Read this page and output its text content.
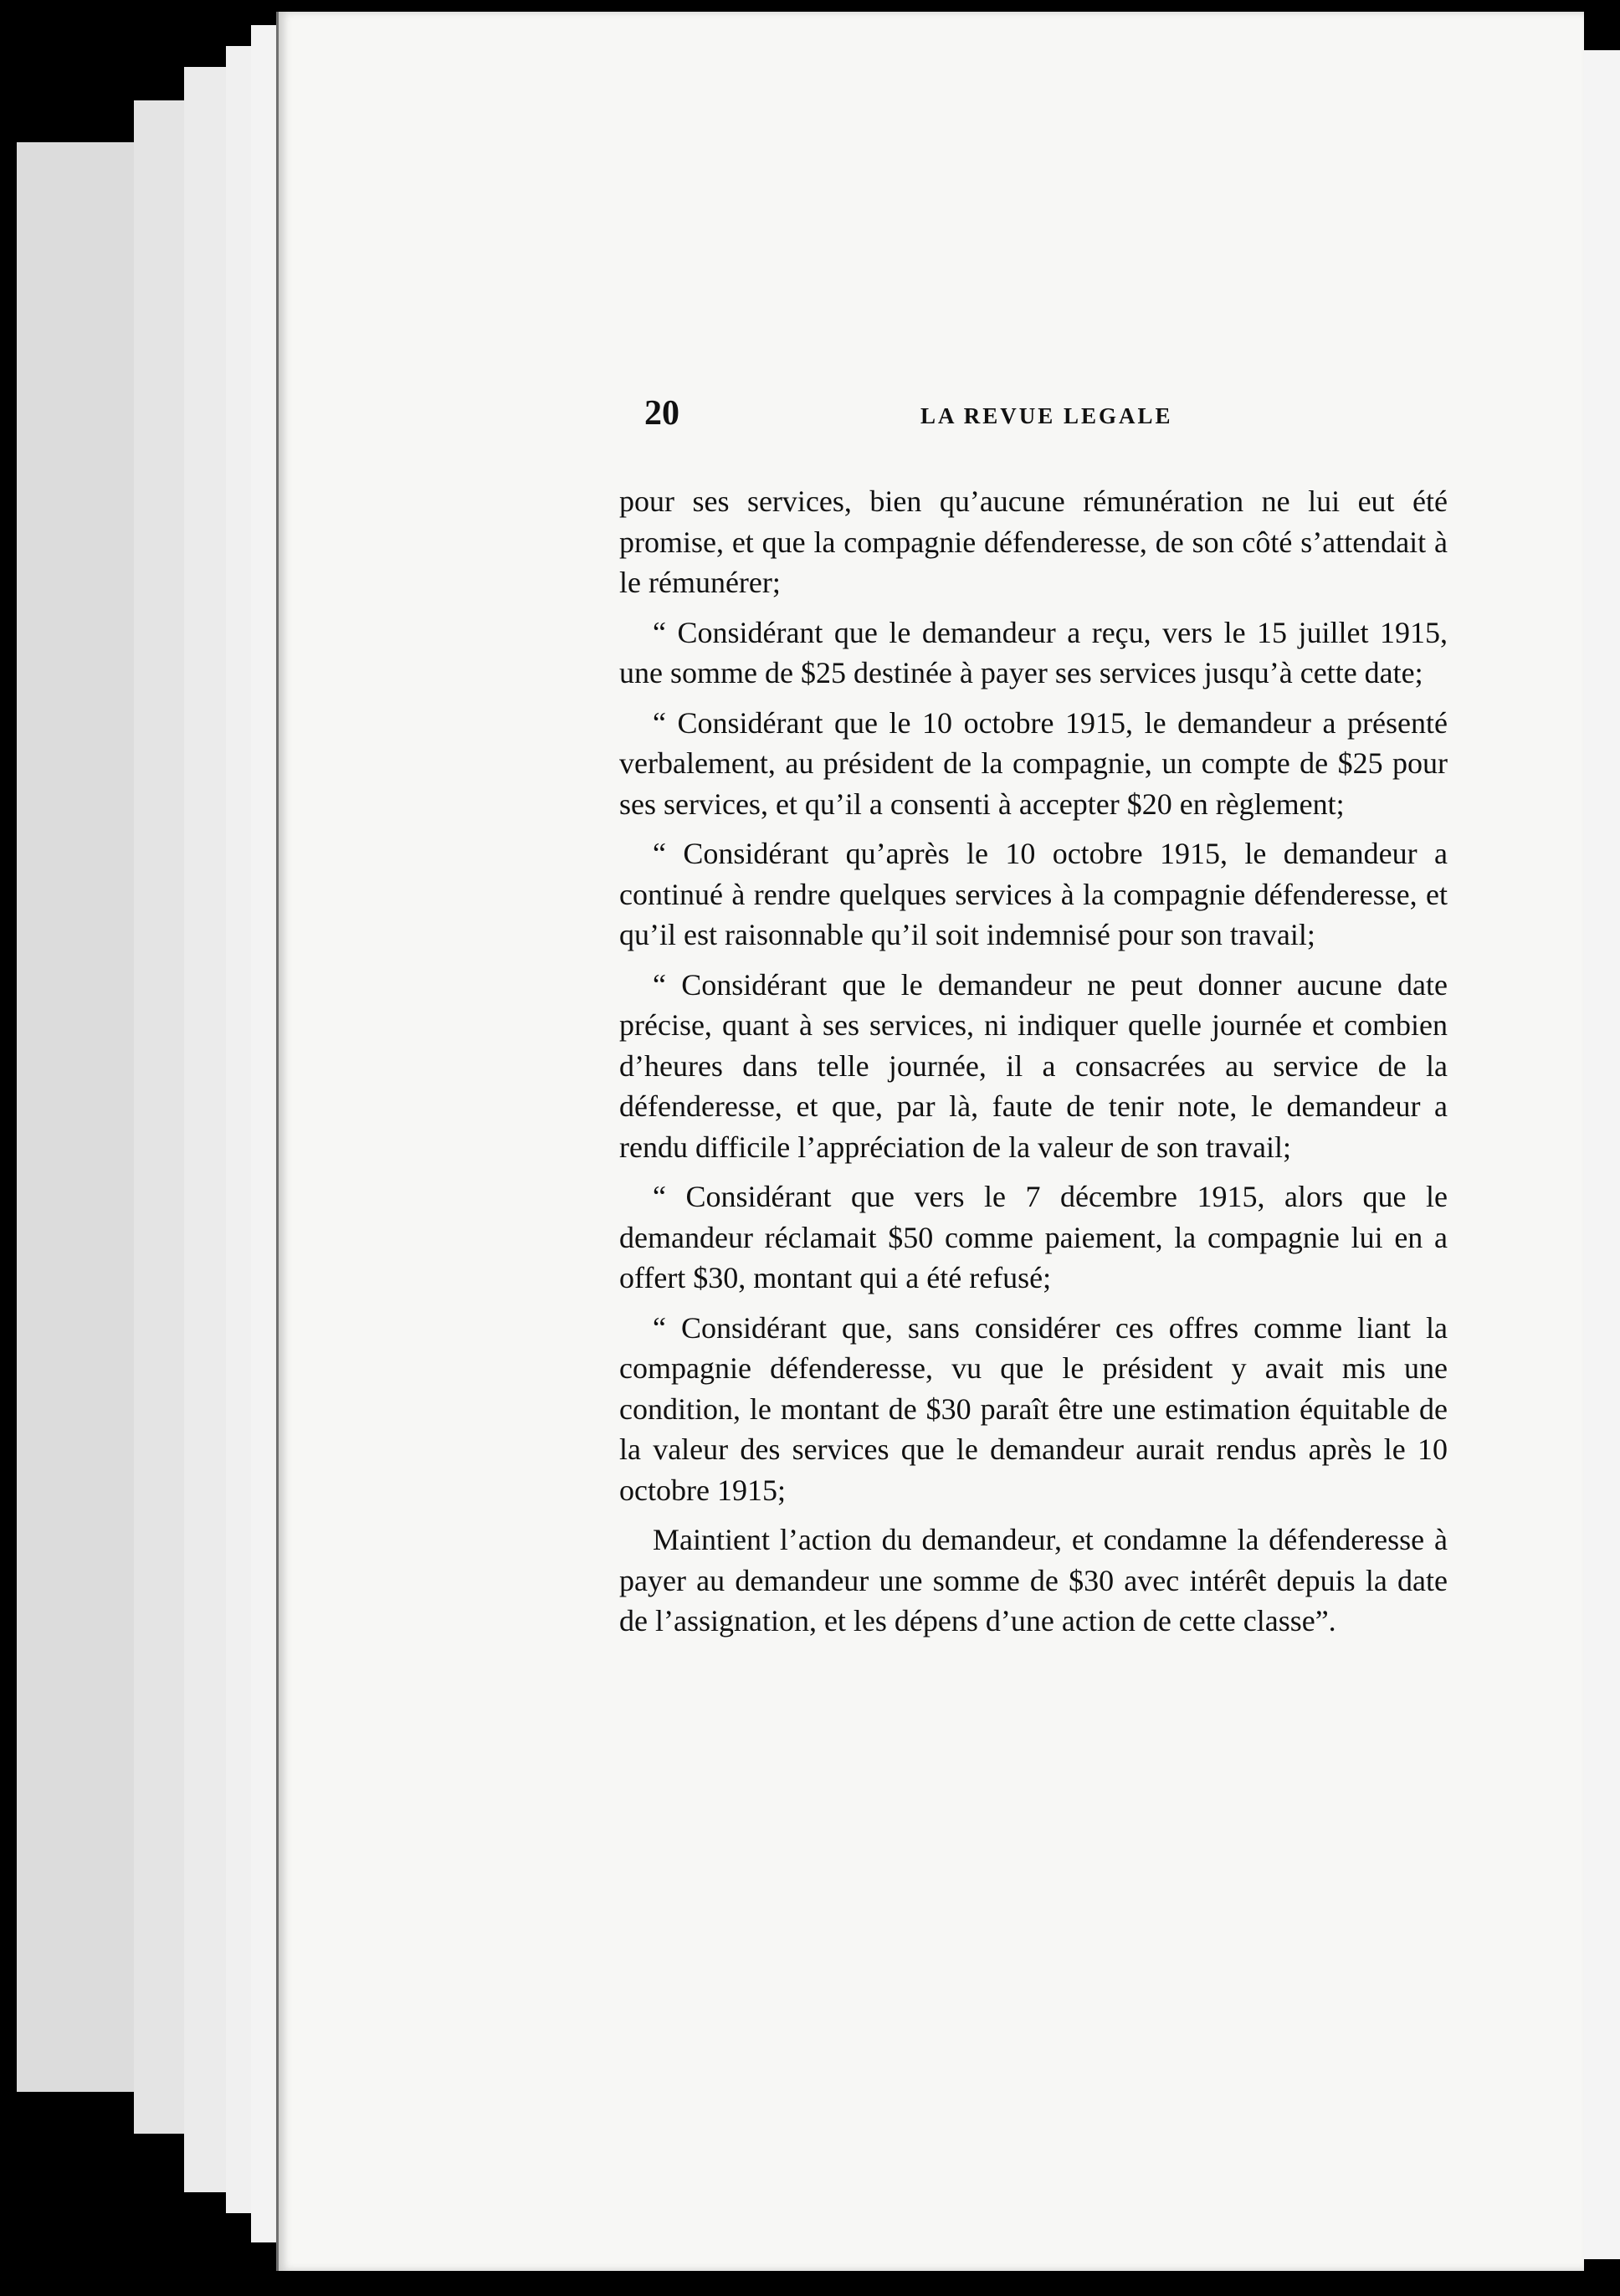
20	LA REVUE LEGALE

pour ses services, bien qu’aucune rémunération ne lui eut été promise, et que la compagnie défenderesse, de son côté s’attendait à le rémunérer;

“ Considérant que le demandeur a reçu, vers le 15 juillet 1915, une somme de $25 destinée à payer ses services jusqu’à cette date;

“ Considérant que le 10 octobre 1915, le demandeur a présenté verbalement, au président de la compagnie, un compte de $25 pour ses services, et qu’il a consenti à accepter $20 en règlement;

“ Considérant qu’après le 10 octobre 1915, le demandeur a continué à rendre quelques services à la compagnie défenderesse, et qu’il est raisonnable qu’il soit indemnisé pour son travail;

“ Considérant que le demandeur ne peut donner aucune date précise, quant à ses services, ni indiquer quelle journée et combien d’heures dans telle journée, il a consacrées au service de la défenderesse, et que, par là, faute de tenir note, le demandeur a rendu difficile l’appréciation de la valeur de son travail;

“ Considérant que vers le 7 décembre 1915, alors que le demandeur réclamait $50 comme paiement, la compagnie lui en a offert $30, montant qui a été refusé;

“ Considérant que, sans considérer ces offres comme liant la compagnie défenderesse, vu que le président y avait mis une condition, le montant de $30 paraît être une estimation équitable de la valeur des services que le demandeur aurait rendus après le 10 octobre 1915;

Maintient l’action du demandeur, et condamne la défenderesse à payer au demandeur une somme de $30 avec intérêt depuis la date de l’assignation, et les dépens d’une action de cette classe”.
